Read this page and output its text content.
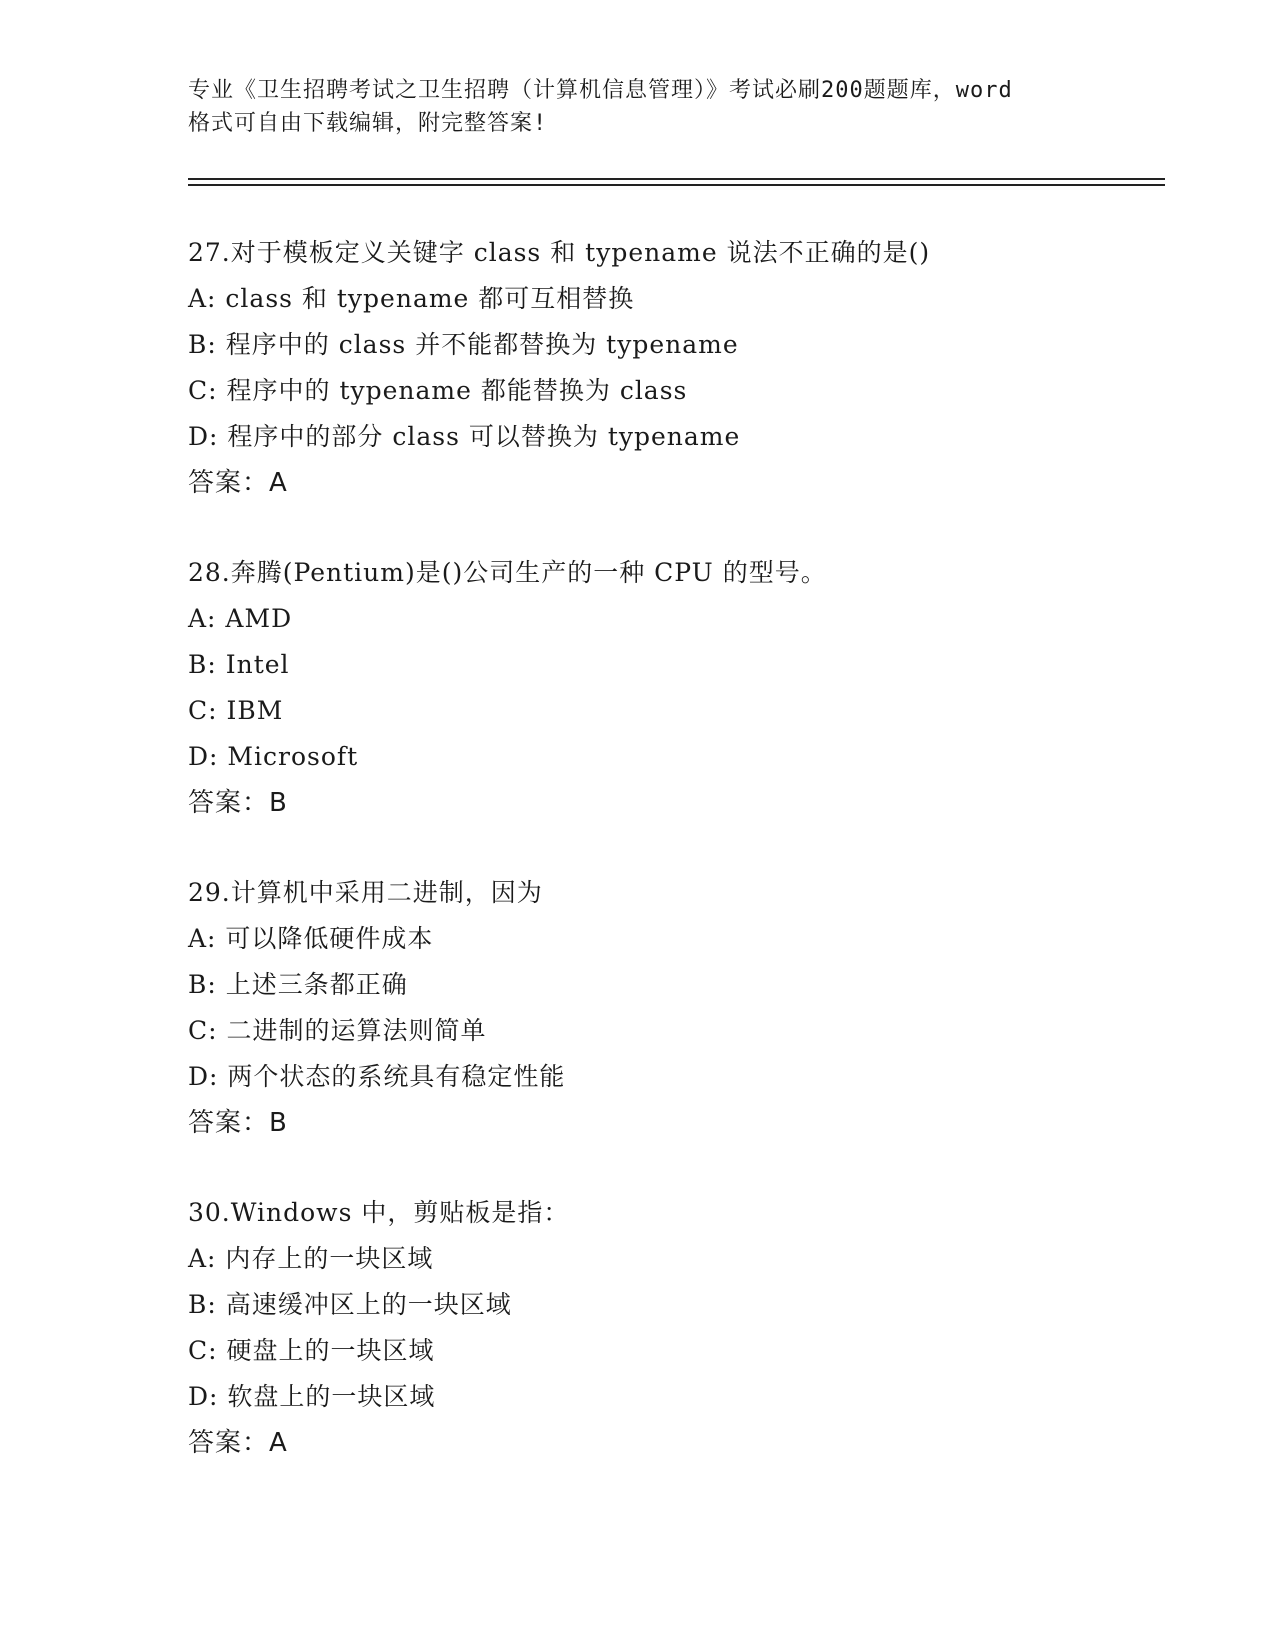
专业《卫生招聘考试之卫生招聘（计算机信息管理）》考试必刷200题题库，word
格式可自由下载编辑，附完整答案!
27.对于模板定义关键字 class 和 typename 说法不正确的是()
A: class 和 typename 都可互相替换
B: 程序中的 class 并不能都替换为 typename
C: 程序中的 typename 都能替换为 class
D: 程序中的部分 class 可以替换为 typename
答案：A
28.奔腾(Pentium)是()公司生产的一种 CPU 的型号。
A: AMD
B: Intel
C: IBM
D: Microsoft
答案：B
29.计算机中采用二进制，因为
A: 可以降低硬件成本
B: 上述三条都正确
C: 二进制的运算法则简单
D: 两个状态的系统具有稳定性能
答案：B
30.Windows 中，剪贴板是指：
A: 内存上的一块区域
B: 高速缓冲区上的一块区域
C: 硬盘上的一块区域
D: 软盘上的一块区域
答案：A
